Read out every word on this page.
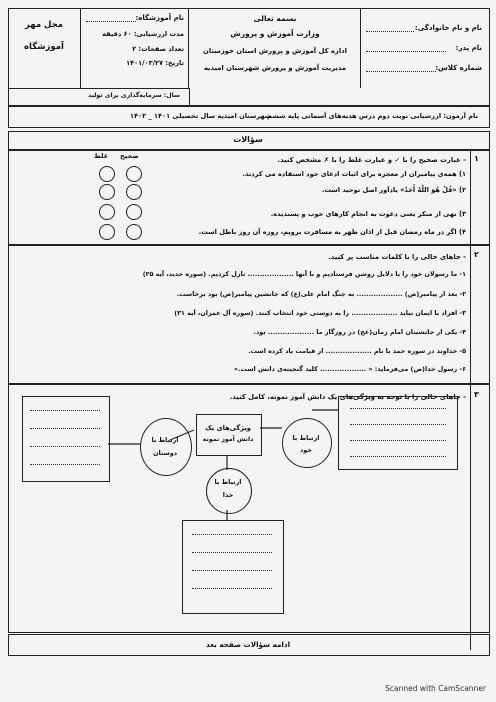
نام و نام خانوادگی:
نام پدر:
شماره کلاس:
بسمه تعالی
وزارت آموزش و پرورش
اداره کل آموزش و پرورش استان خوزستان
مدیریت آموزش و پرورش شهرستان امیدیه
نام آموزشگاه:
مدت ارزشیابی: ۶۰ دقیقه
تعداد صفحات: ۲
تاریخ: ۱۴۰۱/۰۳/۲۷
محل مهر
آموزشگاه
سال: سرمایه‌گذاری برای تولید
نام آزمون: ارزشیابی نوبت دوم درس هدیه‌های آسمانی پایه ششم
شهرستان امیدیه سال تحصیلی ۱۴۰۱ _ ۱۴۰۲
سؤالات
۱
- عبارت صحیح را با ✓ و عبارت غلط را با ✗ مشخص کنید.
صحیح
غلط
۱) همه‌ی پیامبران از معجزه برای اثبات ادعای خود استفاده می کردند.
۲) «قُلْ هُوَ اللّٰهُ أَحَدٌ» یادآور اصل توحید است.
۳) نهی از منکر یعنی دعوت به انجام کارهای خوب و پسندیده.
۴) اگر در ماه رمضان قبل از اذان ظهر به مسافرت برویم، روزه آن روز باطل است.
۲
- جاهای خالی را با کلمات مناسب پر کنید.
۱- ما رسولان خود را با دلایل روشن فرستادیم و با آنها ................... نازل کردیم. (سوره حدید، آیه ۲۵)
۲- بعد از پیامبر(ص) ................... به جنگ امام علی(ع) که جانشین پیامبر(ص) بود برخاست.
۳- افراد با ایمان نباید ................... را به دوستی خود انتخاب کنند. (سوره آل عمران، آیه ۳۱)
۴- یکی از جانشینان امام زمان(عج) در روزگار ما ................... بود.
۵- خداوند در سوره حمد با نام ................... از قیامت یاد کرده است.
۶- رسول خدا(ص) می‌فرماید: « ................... کلید گنجینه‌ی دانش است.»
۳
- جاهای خالی را با توجه به ویژگی‌های یک دانش آموز نمونه، کامل کنید.
ویژگی‌های یک
دانش آموز نمونه	ارتباط با
خود
ارتباط با
دوستان
ارتباط با
خدا
ادامه سؤالات صفحه بعد
Scanned with CamScanner
